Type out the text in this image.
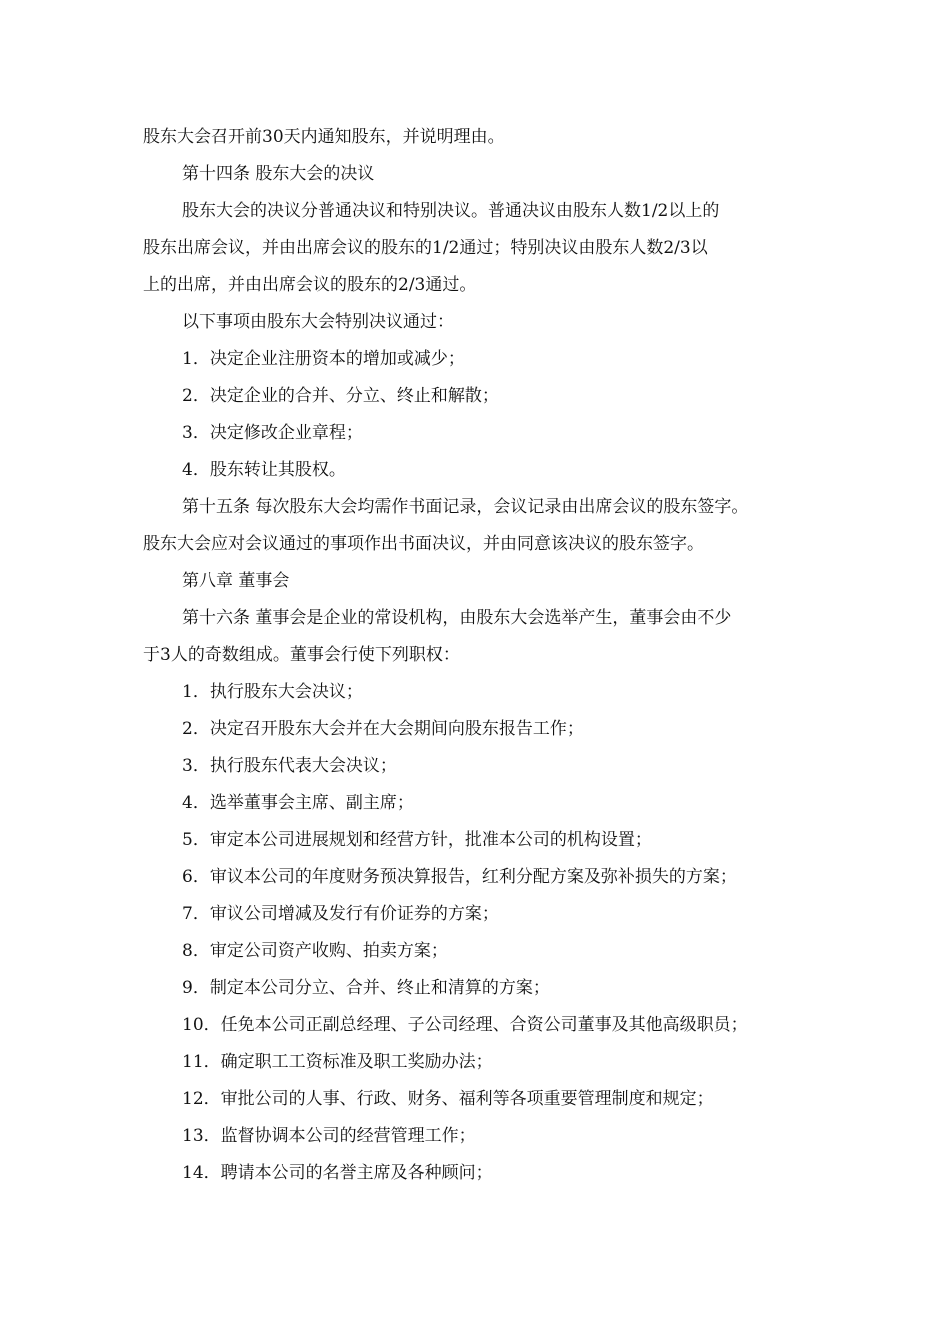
股东大会召开前30天内通知股东，并说明理由。
第十四条 股东大会的决议
股东大会的决议分普通决议和特别决议。普通决议由股东人数1/2以上的
股东出席会议，并由出席会议的股东的1/2通过；特别决议由股东人数2/3以
上的出席，并由出席会议的股东的2/3通过。
以下事项由股东大会特别决议通过：
1．决定企业注册资本的增加或减少；
2．决定企业的合并、分立、终止和解散；
3．决定修改企业章程；
4．股东转让其股权。
第十五条 每次股东大会均需作书面记录，会议记录由出席会议的股东签字。
股东大会应对会议通过的事项作出书面决议，并由同意该决议的股东签字。
第八章 董事会
第十六条 董事会是企业的常设机构，由股东大会选举产生，董事会由不少
于3人的奇数组成。董事会行使下列职权：
1．执行股东大会决议；
2．决定召开股东大会并在大会期间向股东报告工作；
3．执行股东代表大会决议；
4．选举董事会主席、副主席；
5．审定本公司进展规划和经营方针，批准本公司的机构设置；
6．审议本公司的年度财务预决算报告，红利分配方案及弥补损失的方案；
7．审议公司增减及发行有价证券的方案；
8．审定公司资产收购、拍卖方案；
9．制定本公司分立、合并、终止和清算的方案；
10．任免本公司正副总经理、子公司经理、合资公司董事及其他高级职员；
11．确定职工工资标准及职工奖励办法；
12．审批公司的人事、行政、财务、福利等各项重要管理制度和规定；
13．监督协调本公司的经营管理工作；
14．聘请本公司的名誉主席及各种顾问；
